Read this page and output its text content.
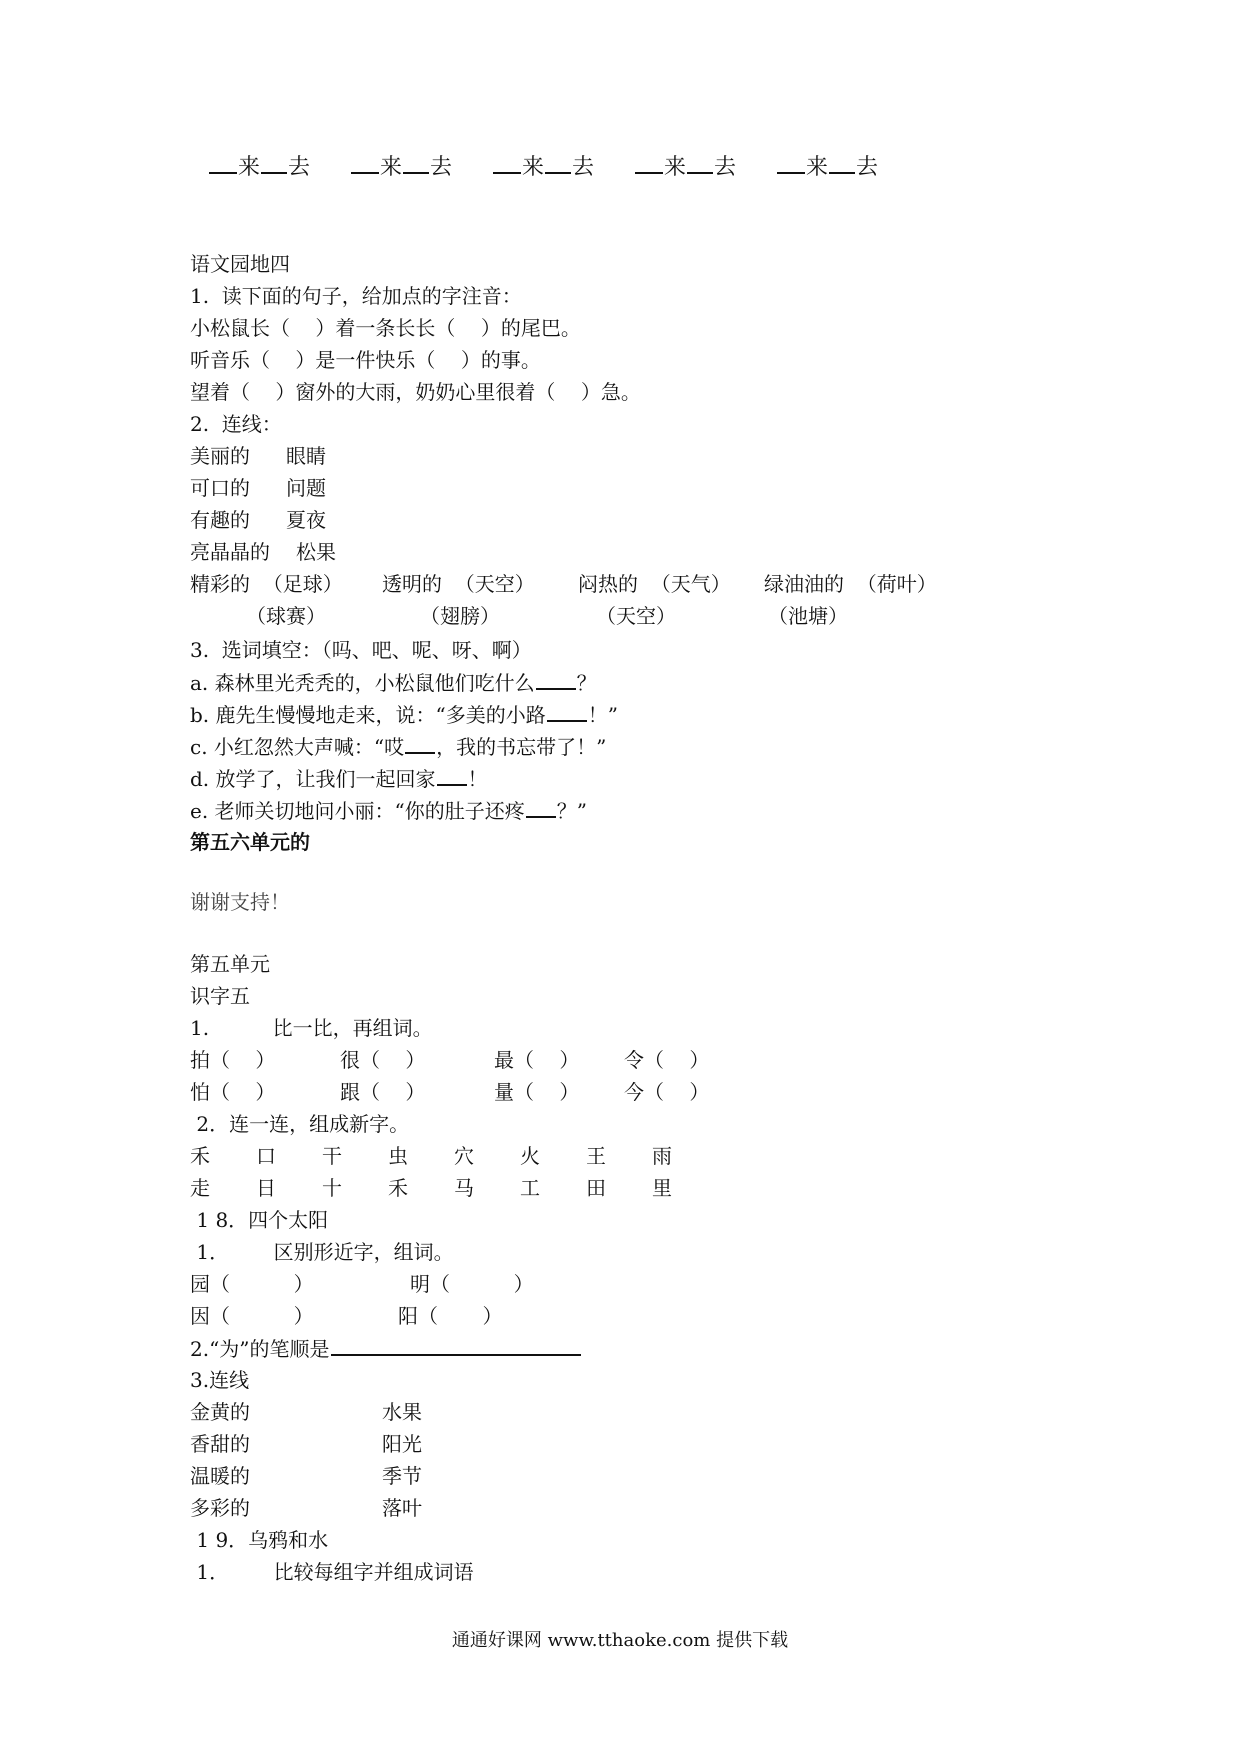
来 去	来 去	来 去	来 去	来 去
语文园地四
1.  读下面的句子，给加点的字注音：
小松鼠长（    ）着一条长长（    ）的尾巴。
听音乐（    ）是一件快乐（    ）的事。
望着（    ）窗外的大雨，奶奶心里很着（    ）急。
2.  连线：
美丽的 眼睛
可口的 问题
有趣的 夏夜
亮晶晶的 松果
精彩的  （足球） 透明的  （天空） 闷热的  （天气） 绿油油的  （荷叶）
（球赛）	（翅膀）	（天空）	（池塘）
3.  选词填空：（吗、吧、呢、呀、啊）
a. 森林里光秃秃的，小松鼠他们吃什么 ？
b. 鹿先生慢慢地走来，说：“多美的小路 ！”
c. 小红忽然大声喊：“哎 ，我的书忘带了！”
d. 放学了，让我们一起回家 ！
e. 老师关切地问小丽：“你的肚子还疼 ？”
第五六单元的
谢谢支持！
第五单元
识字五
1.          比一比，再组词。
拍（    ）	很（    ）	最（    ） 令（    ）
怕（    ）	跟（    ）	量（    ） 今（    ）
2．连一连，组成新字。
禾 口 干 虫 穴 火 王 雨
走 日 十 禾 马 工 田 里
1 8．四个太阳
1．       区别形近字，组词。
园（          ）	明（          ）
因（          ）	阳（       ）
2.“为”的笔顺是
3.连线
金黄的	水果
香甜的	阳光
温暖的	季节
多彩的	落叶
1 9．乌鸦和水
1．       比较每组字并组成词语
通通好课网 www.tthaoke.com 提供下载
